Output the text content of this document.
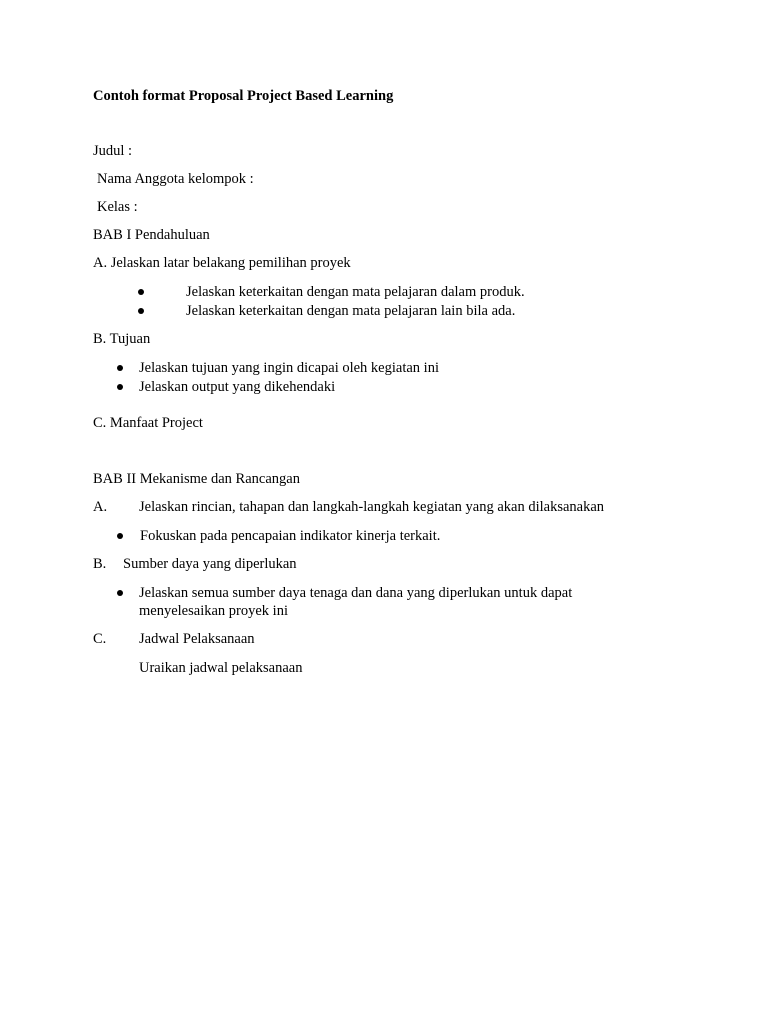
Contoh format Proposal Project Based Learning
Judul :
Nama Anggota kelompok :
Kelas :
BAB I Pendahuluan
A. Jelaskan latar belakang pemilihan proyek
Jelaskan keterkaitan dengan mata pelajaran dalam produk.
Jelaskan keterkaitan dengan mata pelajaran lain bila ada.
B. Tujuan
Jelaskan tujuan yang ingin dicapai oleh kegiatan ini
Jelaskan output yang dikehendaki
C. Manfaat Project
BAB II Mekanisme dan Rancangan
A. Jelaskan rincian, tahapan dan langkah-langkah kegiatan yang akan dilaksanakan
Fokuskan pada pencapaian indikator kinerja terkait.
B. Sumber daya yang diperlukan
Jelaskan semua sumber daya tenaga dan dana yang diperlukan untuk dapat
menyelesaikan proyek ini
C. Jadwal Pelaksanaan
Uraikan jadwal pelaksanaan
